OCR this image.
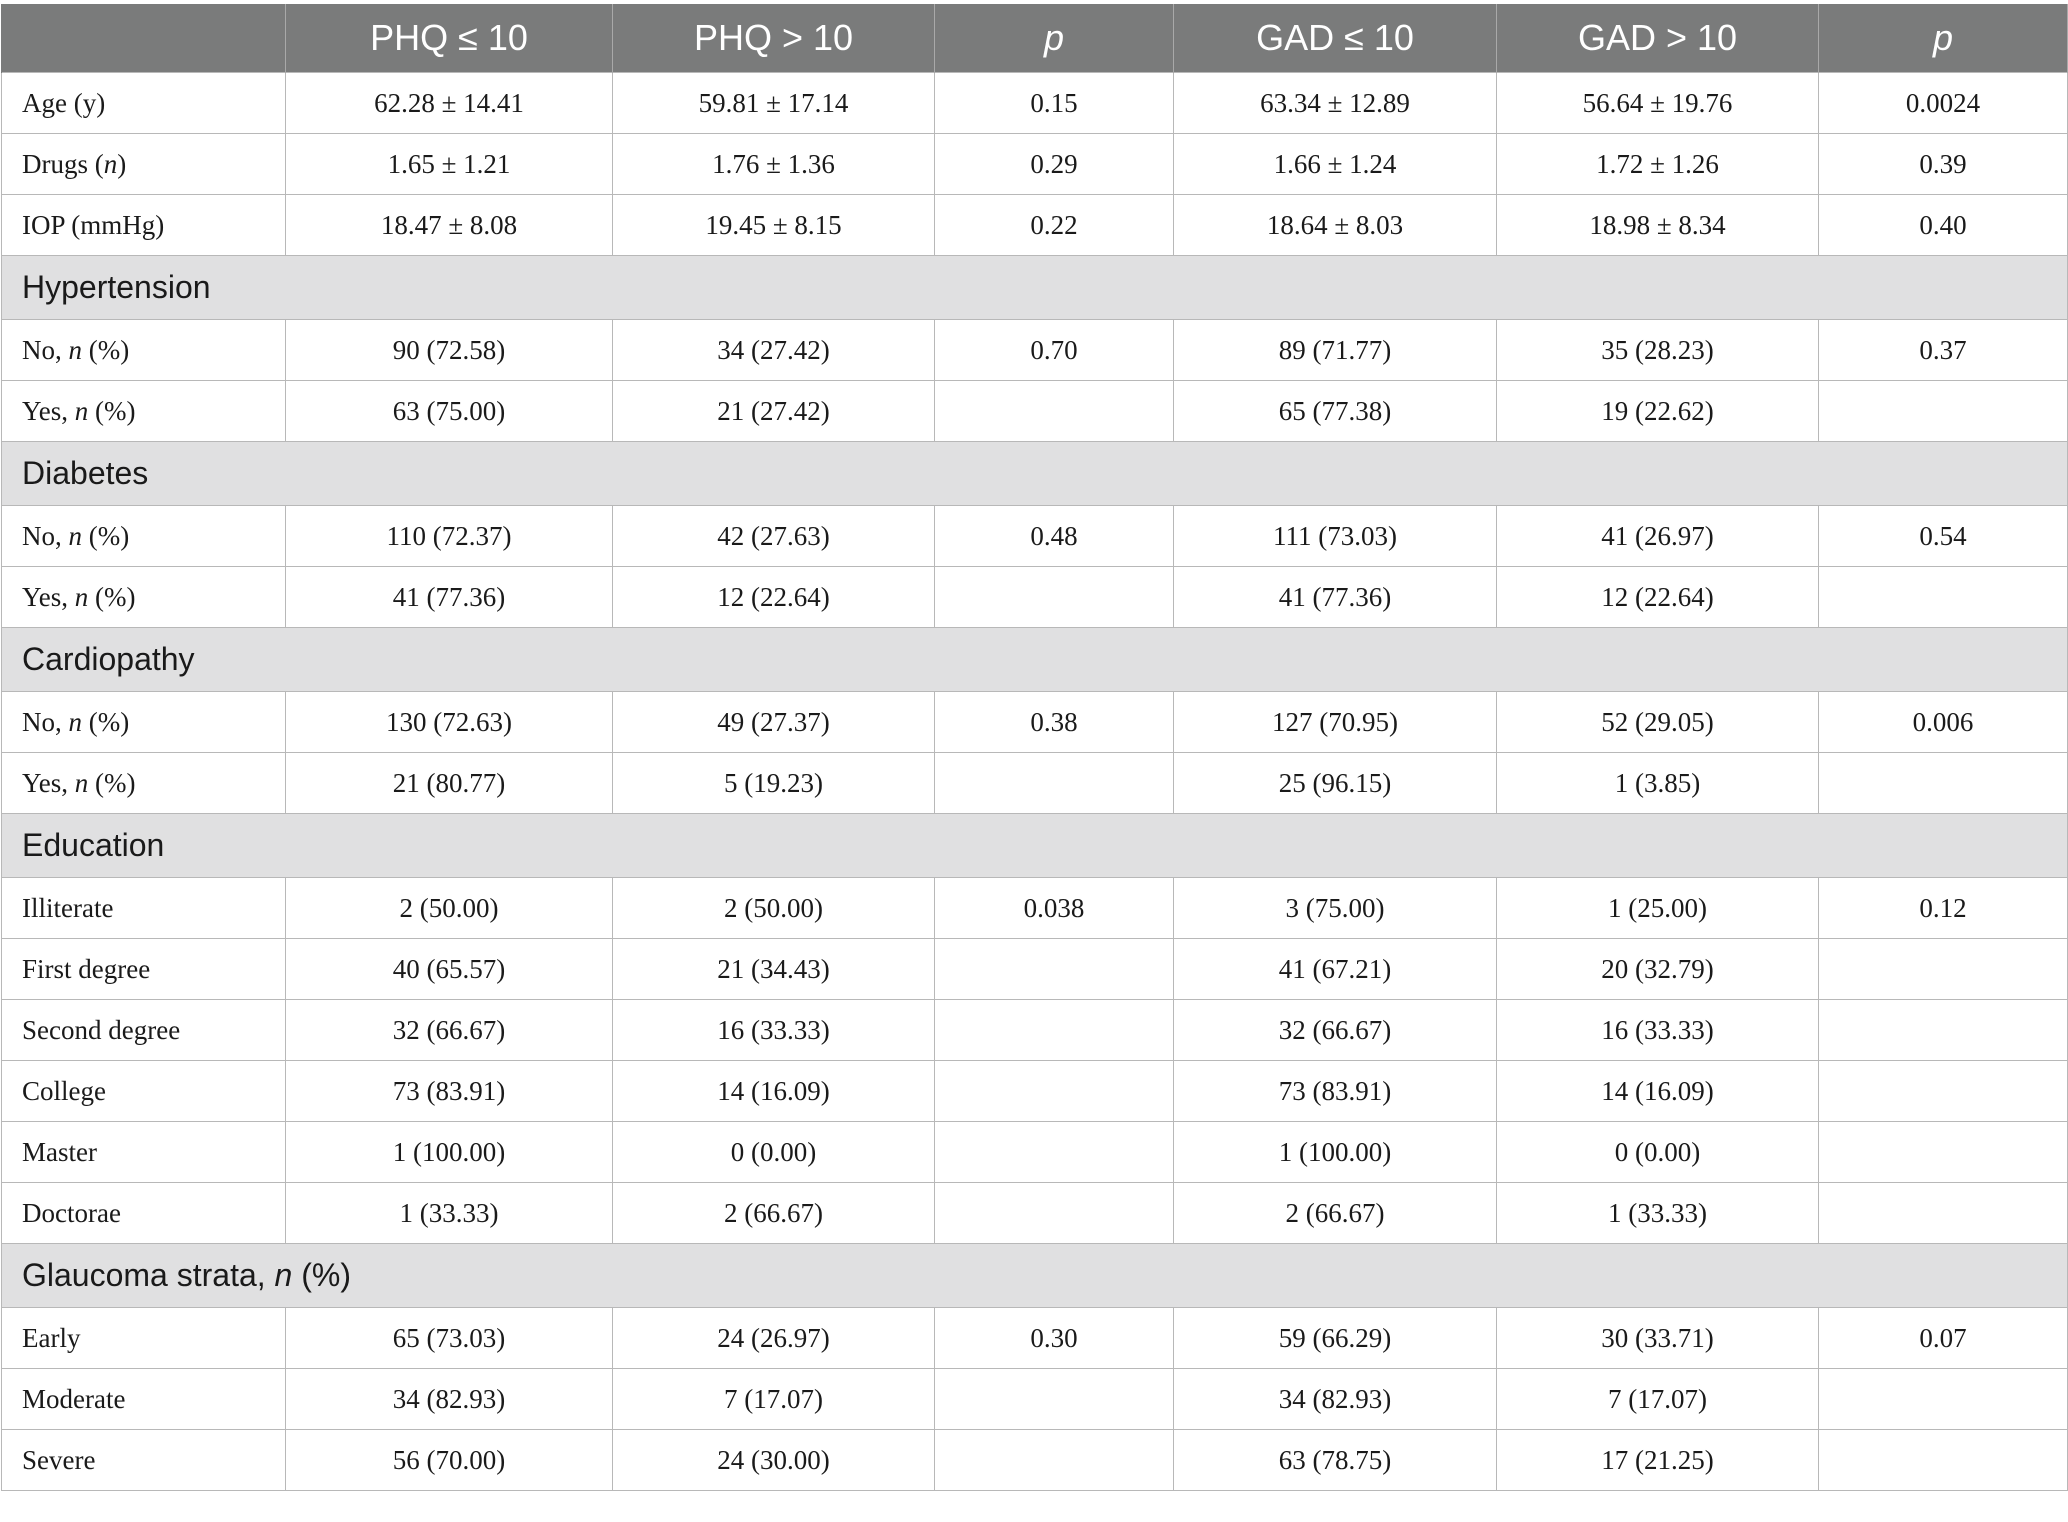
	PHQ ≤ 10	PHQ > 10	p	GAD ≤ 10	GAD > 10	p
Age (y)	62.28 ± 14.41	59.81 ± 17.14	0.15	63.34 ± 12.89	56.64 ± 19.76	0.0024
Drugs (n)	1.65 ± 1.21	1.76 ± 1.36	0.29	1.66 ± 1.24	1.72 ± 1.26	0.39
IOP (mmHg)	18.47 ± 8.08	19.45 ± 8.15	0.22	18.64 ± 8.03	18.98 ± 8.34	0.40
Hypertension						
No, n (%)	90 (72.58)	34 (27.42)	0.70	89 (71.77)	35 (28.23)	0.37
Yes, n (%)	63 (75.00)	21 (27.42)		65 (77.38)	19 (22.62)	
Diabetes						
No, n (%)	110 (72.37)	42 (27.63)	0.48	111 (73.03)	41 (26.97)	0.54
Yes, n (%)	41 (77.36)	12 (22.64)		41 (77.36)	12 (22.64)	
Cardiopathy						
No, n (%)	130 (72.63)	49 (27.37)	0.38	127 (70.95)	52 (29.05)	0.006
Yes, n (%)	21 (80.77)	5 (19.23)		25 (96.15)	1 (3.85)	
Education						
Illiterate	2 (50.00)	2 (50.00)	0.038	3 (75.00)	1 (25.00)	0.12
First degree	40 (65.57)	21 (34.43)		41 (67.21)	20 (32.79)	
Second degree	32 (66.67)	16 (33.33)		32 (66.67)	16 (33.33)	
College	73 (83.91)	14 (16.09)		73 (83.91)	14 (16.09)	
Master	1 (100.00)	0 (0.00)		1 (100.00)	0 (0.00)	
Doctorae	1 (33.33)	2 (66.67)		2 (66.67)	1 (33.33)	
Glaucoma strata, n (%)						
Early	65 (73.03)	24 (26.97)	0.30	59 (66.29)	30 (33.71)	0.07
Moderate	34 (82.93)	7 (17.07)		34 (82.93)	7 (17.07)	
Severe	56 (70.00)	24 (30.00)		63 (78.75)	17 (21.25)	
